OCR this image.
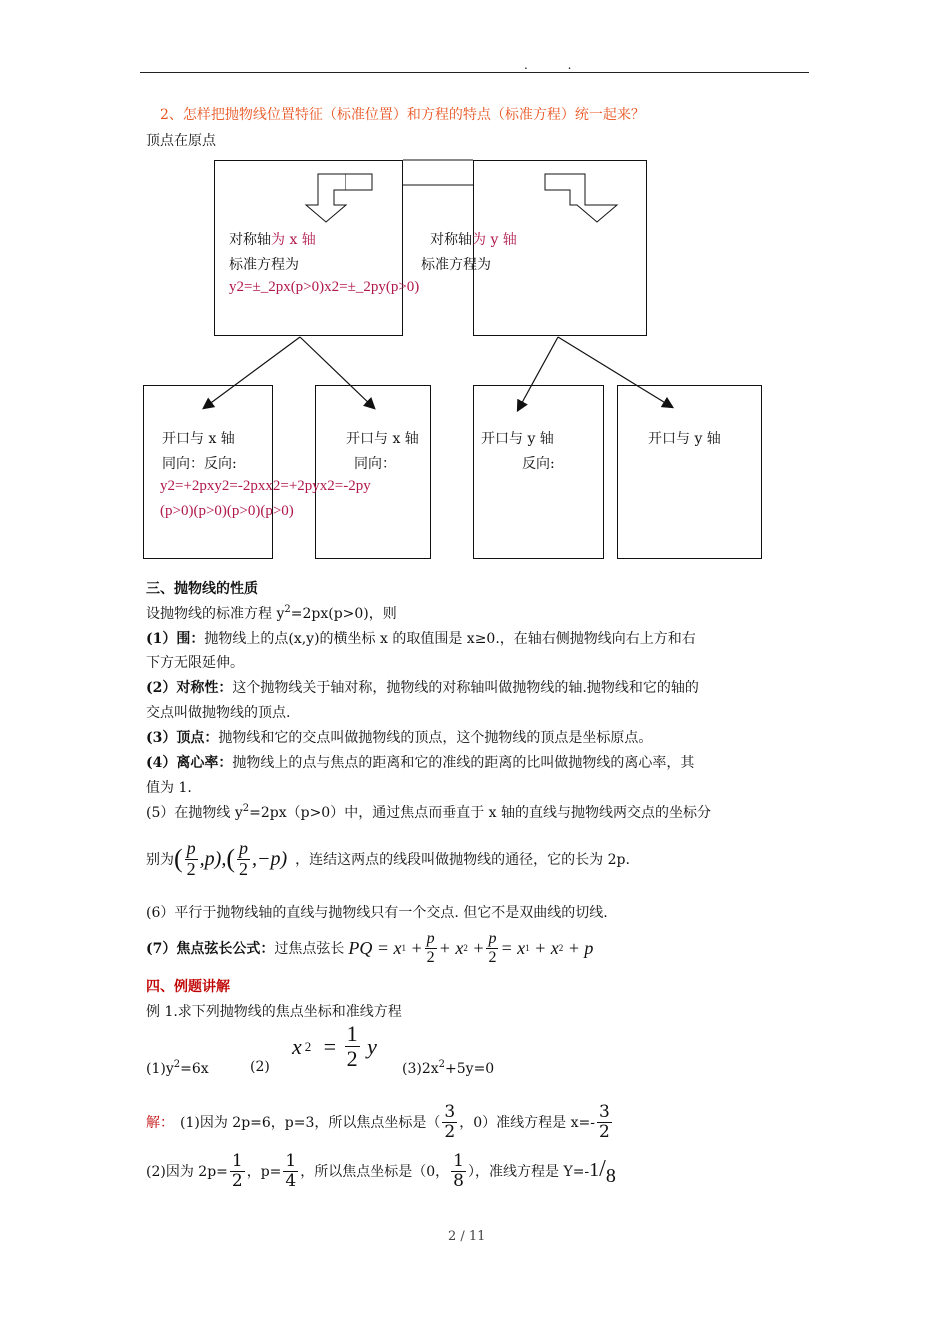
. .
2、怎样把抛物线位置特征（标准位置）和方程的特点（标准方程）统一起来？
顶点在原点
对称轴为 x 轴
标准方程为
y2=±_2px(p>0)x2=±_2py(p>0)
对称轴为 y 轴
标准方程为
开口与 x 轴
同向：反向:
y2=+2pxy2=-2pxx2=+2pyx2=-2py
(p>0)(p>0)(p>0)(p>0)
开口与 x 轴
同向：
开口与 y 轴
反向:
开口与 y 轴
三、抛物线的性质
设抛物线的标准方程 $y^2=2px(p>0)$，则
(1）围：抛物线上的点(x,y)的横坐标 x 的取值围是 x≥0.，在轴右侧抛物线向右上方和右
下方无限延伸。
(2）对称性：这个抛物线关于轴对称，抛物线的对称轴叫做抛物线的轴.抛物线和它的轴的
交点叫做抛物线的顶点.
(3）顶点：抛物线和它的交点叫做抛物线的顶点，这个抛物线的顶点是坐标原点。
(4）离心率：抛物线上的点与焦点的距离和它的准线的距离的比叫做抛物线的离心率，其
值为 1.
(5）在抛物线 $y^2=2px(p>0)$中，通过焦点而垂直于 x 轴的直线与抛物线两交点的坐标分
别为 ( $\frac{p}{2} ,p$), ( $\frac{p}{2} ,-p$) ，连结这两点的线段叫做抛物线的通径，它的长为 2p.
(6）平行于抛物线轴的直线与抛物线只有一个交点. 但它不是双曲线的切线.
(7）焦点弦长公式： 过焦点弦长 PQ = x $1 + \frac{p}{2} + x$ $2 + \frac{p}{2} = x$ 1 + x 2 + p
四、例题讲解
例 1.求下列抛物线的焦点坐标和准线方程
$(1)y^2=6x$	(2)
x $2 = \frac{1}{2}$ y
$(3)2x^2+5y=0$
解： (1)因为 2p=6，p=3，所以焦点坐标是（ $\frac{3}{2}$ ，0）准线方程是 $x=- \frac{3}{2}$
(2)因为 $2p= \frac{1}{2}$ ，$p= \frac{1}{4}$ ，所以焦点坐标是（0， $\frac{1}{8}$ ），准线方程是 Y=- 1/8
2 / 11
